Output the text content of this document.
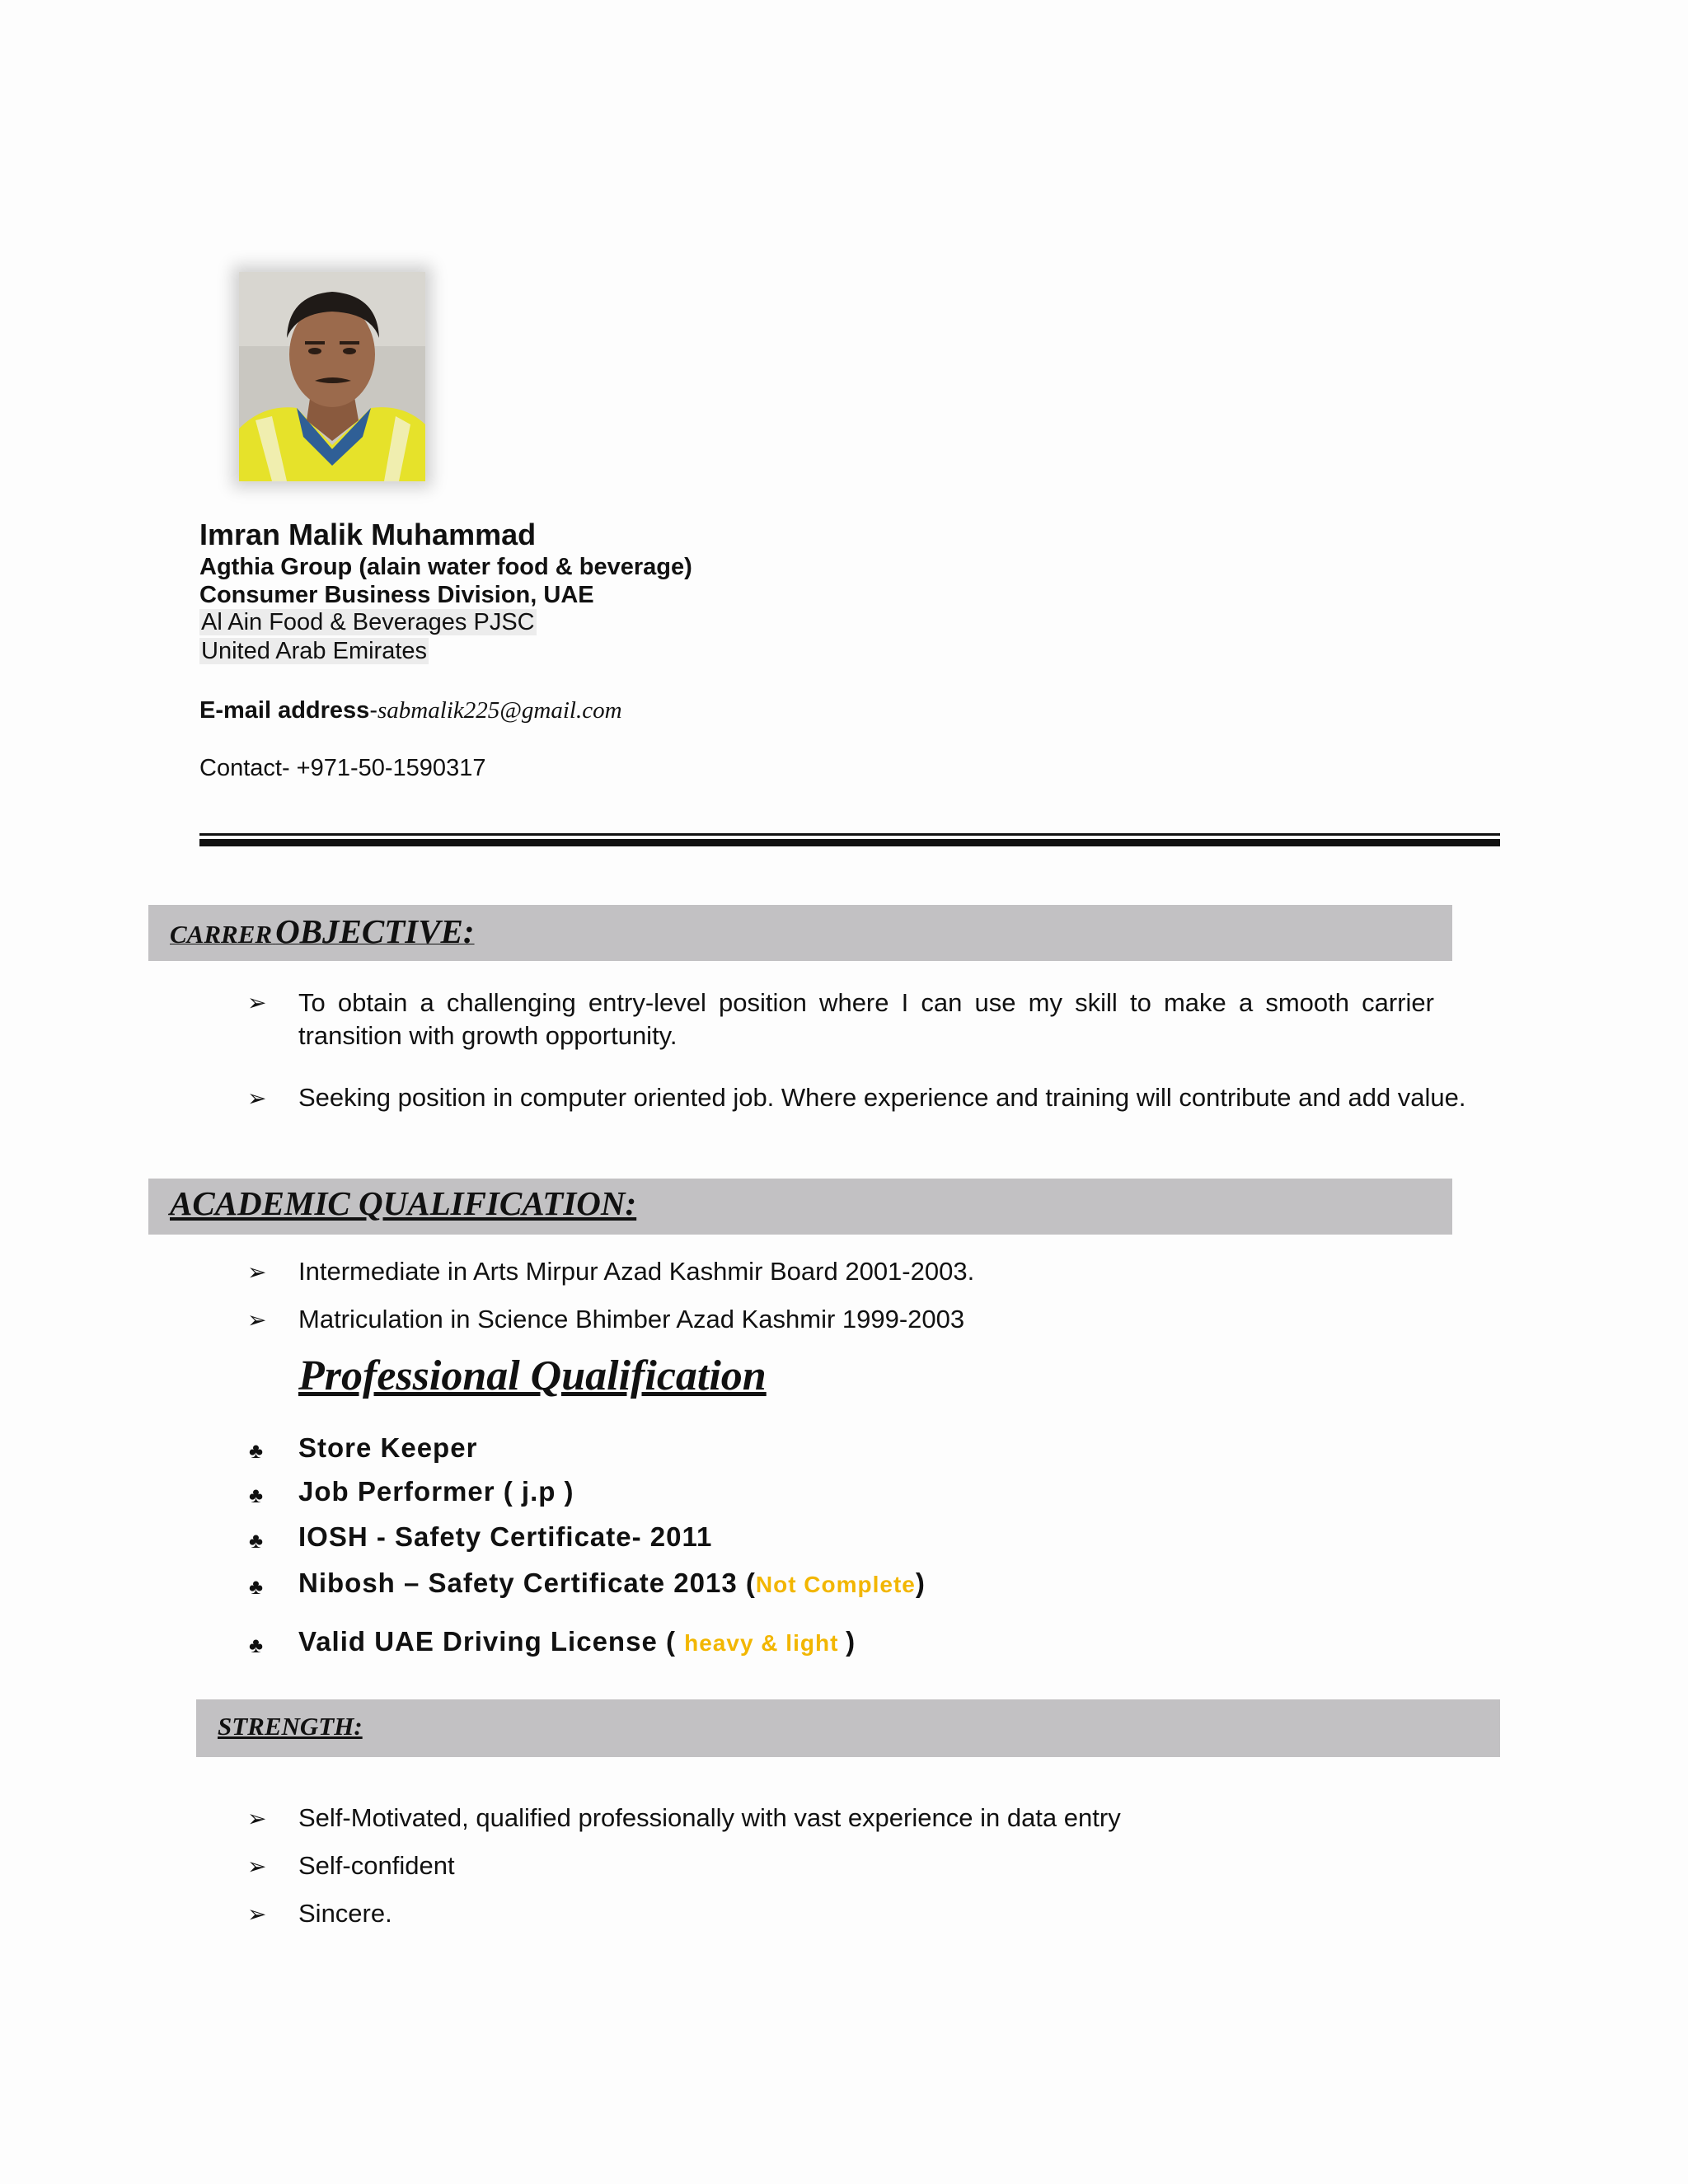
Imran Malik Muhammad
Agthia Group (alain water food & beverage)
Consumer Business Division, UAE
Al Ain Food & Beverages PJSC
United Arab Emirates
E-mail address-sabmalik225@gmail.com
Contact- +971-50-1590317
CARRER OBJECTIVE:
➢ To obtain a challenging entry-level position where I can use my skill to make a smooth carrier transition with growth opportunity.
➢ Seeking position in computer oriented job. Where experience and training will contribute and add value.
ACADEMIC QUALIFICATION:
➢ Intermediate in Arts Mirpur Azad Kashmir Board 2001-2003.
➢ Matriculation in Science Bhimber Azad Kashmir 1999-2003
Professional Qualification
♣ Store Keeper
♣ Job Performer ( j.p )
♣ IOSH - Safety Certificate- 2011
♣ Nibosh – Safety Certificate 2013 (Not Complete)
♣ Valid UAE Driving License ( heavy & light )
STRENGTH:
➢ Self-Motivated, qualified professionally with vast experience in data entry
➢ Self-confident
➢ Sincere.
